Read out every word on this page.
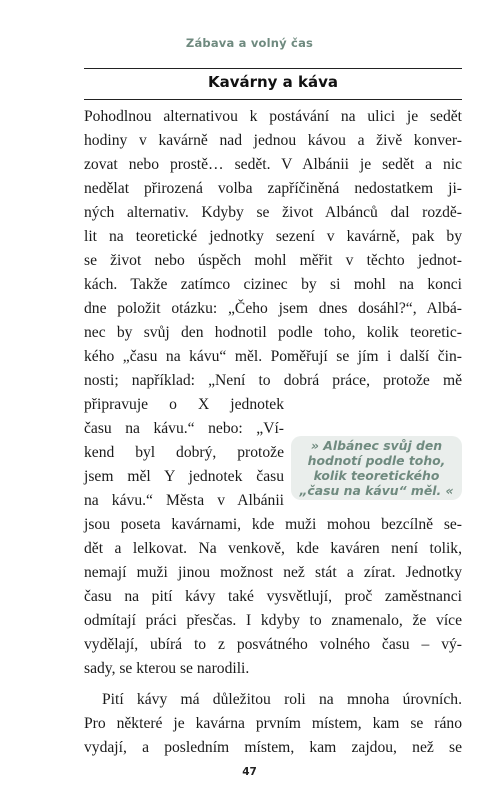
Zábava a volný čas
Kavárny a káva
Pohodlnou alternativou k postávání na ulici je sedět
hodiny v kavárně nad jednou kávou a živě konver-
zovat nebo prostě… sedět. V Albánii je sedět a nic
nedělat přirozená volba zapříčiněná nedostatkem ji-
ných alternativ. Kdyby se život Albánců dal rozdě-
lit na teoretické jednotky sezení v kavárně, pak by
se život nebo úspěch mohl měřit v těchto jednot-
kách. Takže zatímco cizinec by si mohl na konci
dne položit otázku: „Čeho jsem dnes dosáhl?“, Albá-
nec by svůj den hodnotil podle toho, kolik teoretic-
kého „času na kávu“ měl. Poměřují se jím i další čin-
nosti; například: „Není to dobrá práce, protože mě
připravuje o X jednotek
času na kávu.“ nebo: „Ví-
kend byl dobrý, protože
jsem měl Y jednotek času
na kávu.“ Města v Albánii
jsou poseta kavárnami, kde muži mohou bezcílně se-
dět a lelkovat. Na venkově, kde kaváren není tolik,
nemají muži jinou možnost než stát a zírat. Jednotky
času na pití kávy také vysvětlují, proč zaměstnanci
odmítají práci přesčas. I kdyby to znamenalo, že více
vydělají, ubírá to z posvátného volného času – vý-
sady, se kterou se narodili.
Pití kávy má důležitou roli na mnoha úrovních.
Pro některé je kavárna prvním místem, kam se ráno
vydají, a posledním místem, kam zajdou, než se
» Albánec svůj den
hodnotí podle toho,
kolik teoretického
„času na kávu“ měl. «
47
